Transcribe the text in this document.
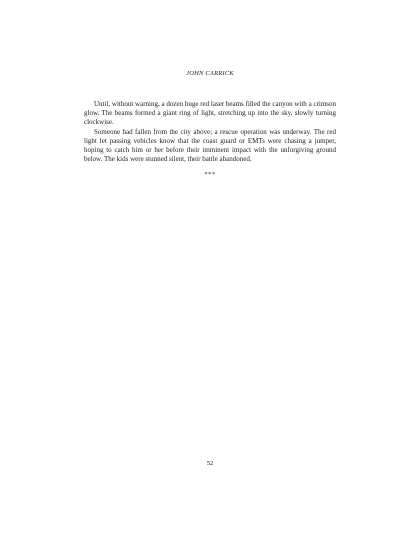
JOHN CARRICK

Until, without warning, a dozen huge red laser beams filled the canyon with a crimson glow. The beams formed a giant ring of light, stretching up into the sky, slowly turning clockwise.

Someone had fallen from the city above; a rescue operation was underway. The red light let passing vehicles know that the coast guard or EMTs were chasing a jumper, hoping to catch him or her before their imminent impact with the unforgiving ground below. The kids were stunned silent, their battle abandoned.

***
52
